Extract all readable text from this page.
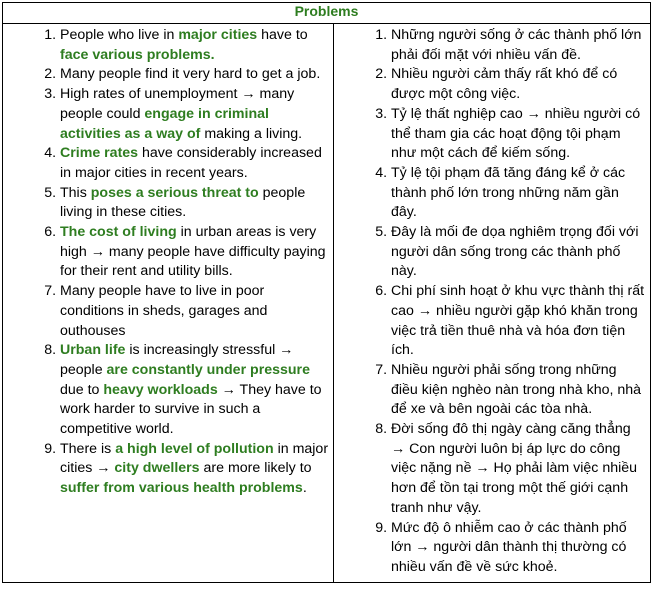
Problems

1. People who live in major cities have to face various problems.
2. Many people find it very hard to get a job.
3. High rates of unemployment → many people could engage in criminal activities as a way of making a living.
4. Crime rates have considerably increased in major cities in recent years.
5. This poses a serious threat to people living in these cities.
6. The cost of living in urban areas is very high → many people have difficulty paying for their rent and utility bills.
7. Many people have to live in poor conditions in sheds, garages and outhouses
8. Urban life is increasingly stressful → people are constantly under pressure due to heavy workloads → They have to work harder to survive in such a competitive world.
9. There is a high level of pollution in major cities → city dwellers are more likely to suffer from various health problems.

1. Những người sống ở các thành phố lớn phải đối mặt với nhiều vấn đề.
2. Nhiều người cảm thấy rất khó để có được một công việc.
3. Tỷ lệ thất nghiệp cao → nhiều người có thể tham gia các hoạt động tội phạm như một cách để kiếm sống.
4. Tỷ lệ tội phạm đã tăng đáng kể ở các thành phố lớn trong những năm gần đây.
5. Đây là mối đe dọa nghiêm trọng đối với người dân sống trong các thành phố này.
6. Chi phí sinh hoạt ở khu vực thành thị rất cao → nhiều người gặp khó khăn trong việc trả tiền thuê nhà và hóa đơn tiện ích.
7. Nhiều người phải sống trong những điều kiện nghèo nàn trong nhà kho, nhà để xe và bên ngoài các tòa nhà.
8. Đời sống đô thị ngày càng căng thẳng → Con người luôn bị áp lực do công việc nặng nề → Họ phải làm việc nhiều hơn để tồn tại trong một thế giới cạnh tranh như vậy.
9. Mức độ ô nhiễm cao ở các thành phố lớn → người dân thành thị thường có nhiều vấn đề về sức khoẻ.
